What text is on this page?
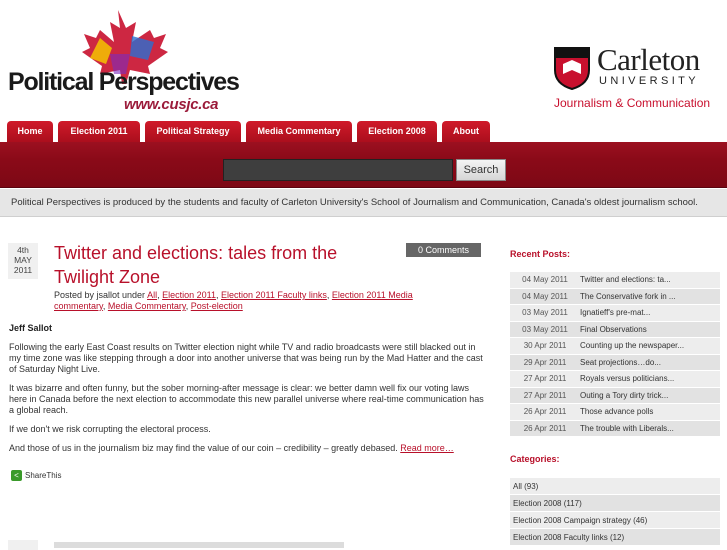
Political Perspectives
www.cusjc.ca
Carleton
UNIVERSITY
Journalism & Communication
Home	Election 2011	Political Strategy	Media Commentary	Election 2008	About
Search
Political Perspectives is produced by the students and faculty of Carleton University's School of Journalism and Communication, Canada's oldest journalism school.
4th
MAY
2011
Twitter and elections: tales from the Twilight Zone
0 Comments
Posted by jsallot under All, Election 2011, Election 2011 Faculty links, Election 2011 Media commentary, Media Commentary, Post-election

Jeff Sallot

Following the early East Coast results on Twitter election night while TV and radio broadcasts were still blacked out in my time zone was like stepping through a door into another universe that was being run by the Mad Hatter and the cast of Saturday Night Live.

It was bizarre and often funny, but the sober morning-after message is clear: we better damn well fix our voting laws here in Canada before the next election to accommodate this new parallel universe where real-time communication has a global reach.

If we don't we risk corrupting the electoral process.

And those of us in the journalism biz may find the value of our coin – credibility – greatly debased. Read more…

< ShareThis
Recent Posts:
04 May 2011	Twitter and elections: ta...
04 May 2011	The Conservative fork in ...
03 May 2011	Ignatieff's pre-mat...
03 May 2011	Final Observations
30 Apr 2011	Counting up the newspaper...
29 Apr 2011	Seat projections…do...
27 Apr 2011	Royals versus politicians...
27 Apr 2011	Outing a Tory dirty trick...
26 Apr 2011	Those advance polls
26 Apr 2011	The trouble with Liberals...
Categories:
All (93)
Election 2008 (117)
Election 2008 Campaign strategy (46)
Election 2008 Faculty links (12)
